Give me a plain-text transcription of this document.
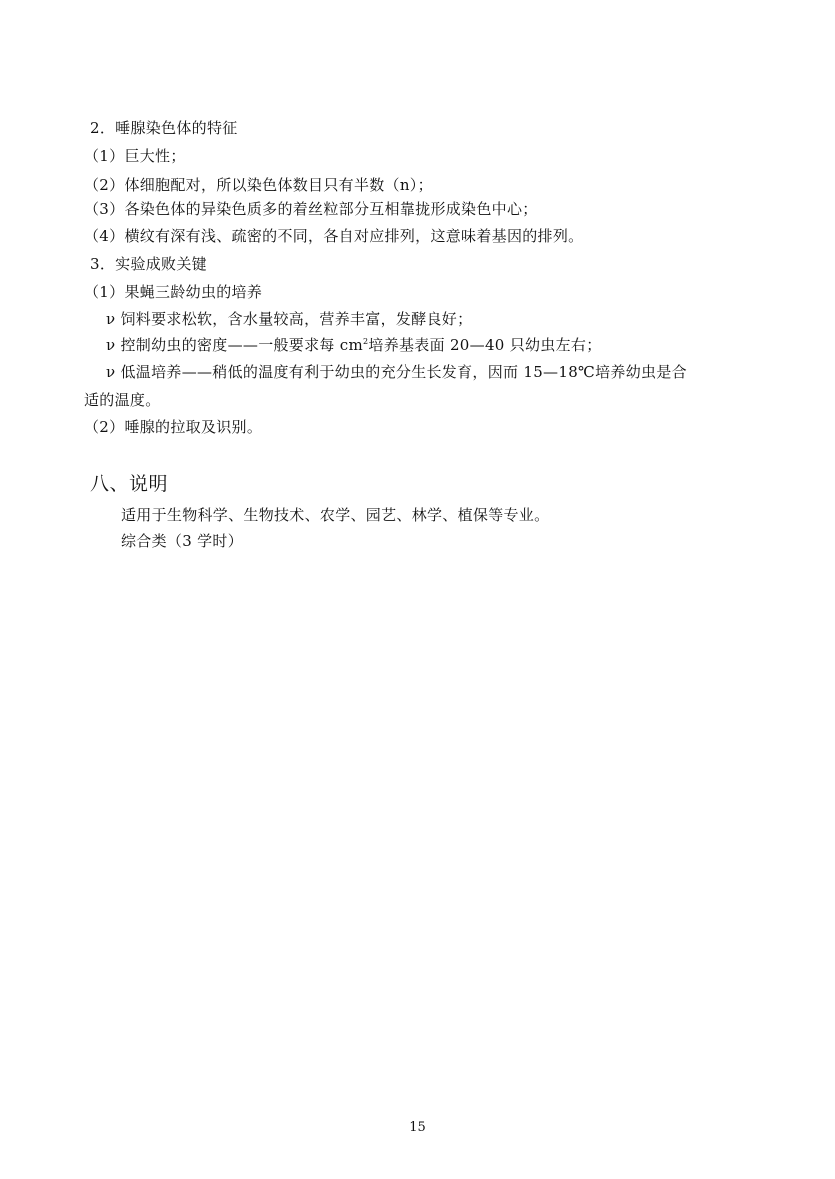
2．唾腺染色体的特征
（1）巨大性；
（2）体细胞配对，所以染色体数目只有半数（n）；
（3）各染色体的异染色质多的着丝粒部分互相靠拢形成染色中心；
（4）横纹有深有浅、疏密的不同，各自对应排列，这意味着基因的排列。
3．实验成败关键
（1）果蝇三龄幼虫的培养
ν 饲料要求松软，含水量较高，营养丰富，发酵良好；
ν 控制幼虫的密度——一般要求每 $cm^2$培养基表面 20—40 只幼虫左右；
ν 低温培养——稍低的温度有利于幼虫的充分生长发育，因而 15—18℃培养幼虫是合
适的温度。
（2）唾腺的拉取及识别。
八、说明
适用于生物科学、生物技术、农学、园艺、林学、植保等专业。
综合类（3 学时）
15
